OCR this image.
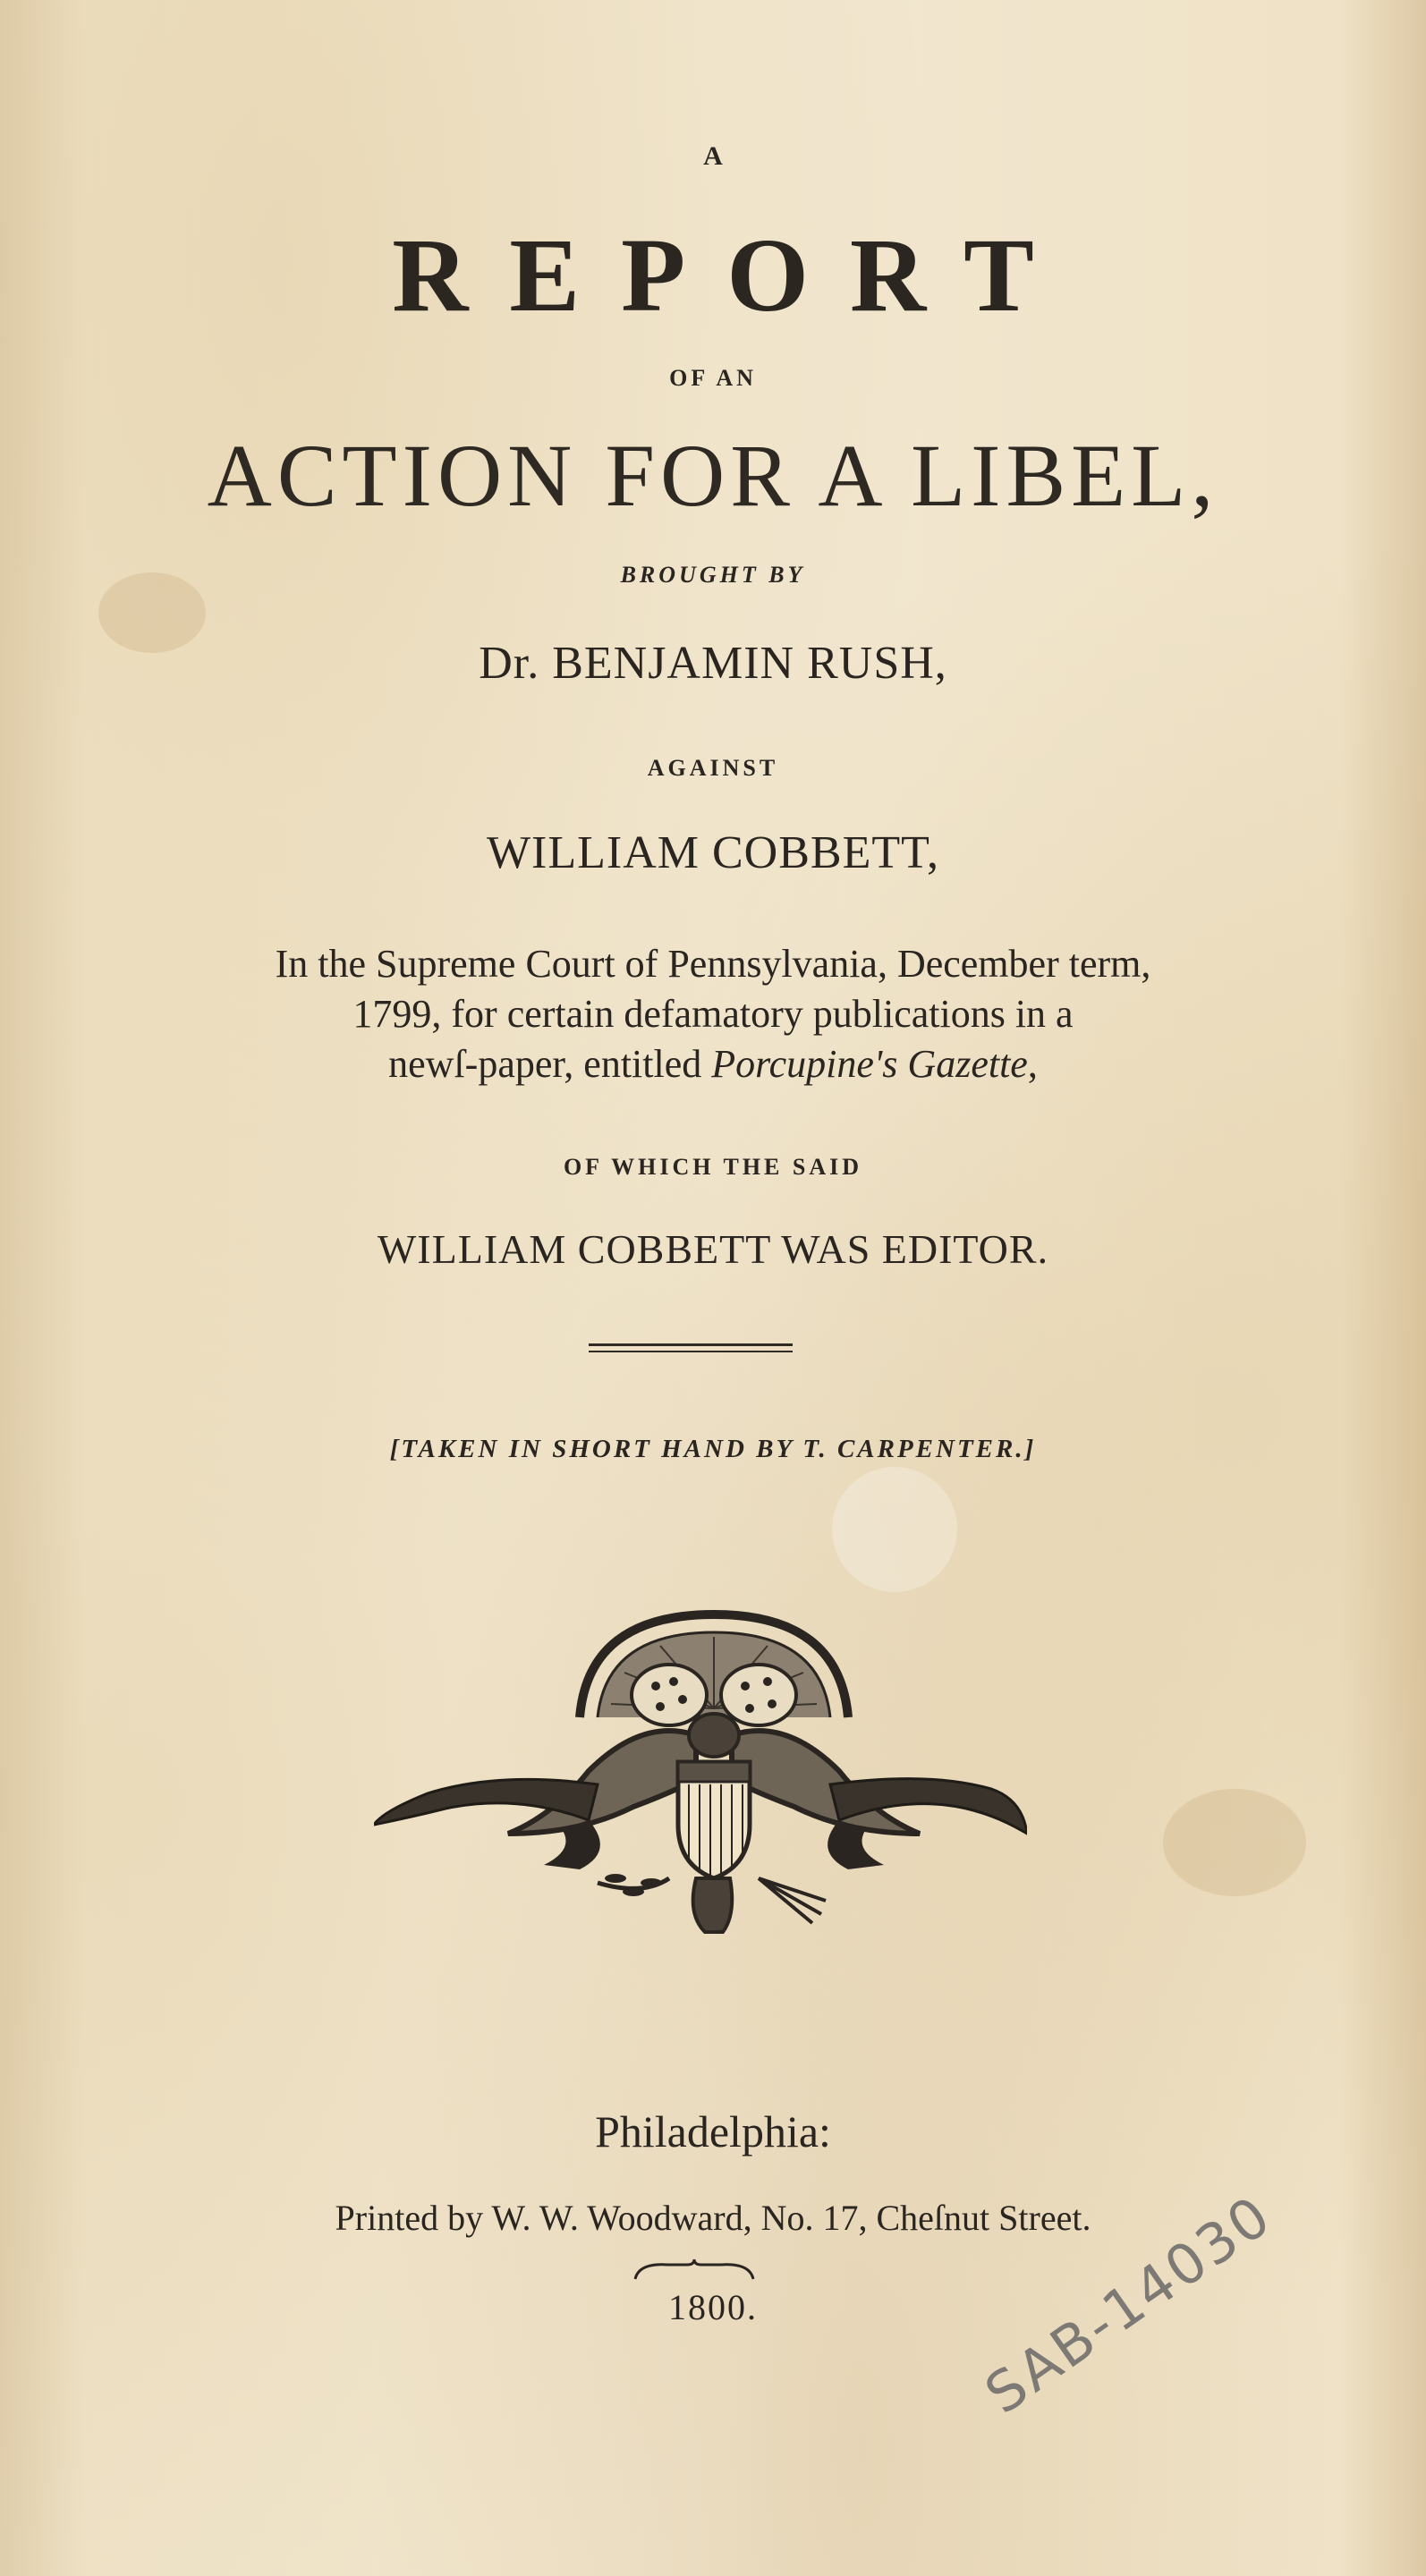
A
REPORT
OF AN
ACTION FOR A LIBEL,
BROUGHT BY
Dr. BENJAMIN RUSH,
AGAINST
WILLIAM COBBETT,
In the Supreme Court of Pennsylvania, December term,
1799, for certain defamatory publications in a
newſ-paper, entitled Porcupine's Gazette,
OF WHICH THE SAID
WILLIAM COBBETT WAS EDITOR.
[TAKEN IN SHORT HAND BY T. CARPENTER.]
Philadelphia:
Printed by W. W. Woodward, No. 17, Cheſnut Street.
1800.	SAB-14030
